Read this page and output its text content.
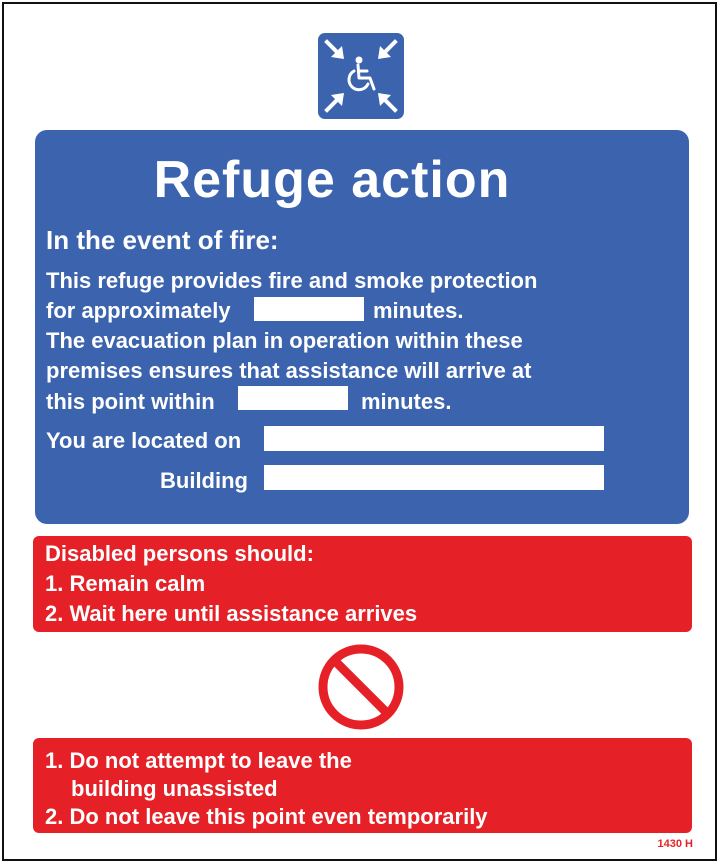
Refuge action
In the event of fire:
This refuge provides fire and smoke protection
for approximately	minutes.
The evacuation plan in operation within these
premises ensures that assistance will arrive at
this point within	minutes.
You are located on
Building
Disabled persons should:
1. Remain calm
2. Wait here until assistance arrives
1. Do not attempt to leave the
building unassisted
2. Do not leave this point even temporarily
1430 H
